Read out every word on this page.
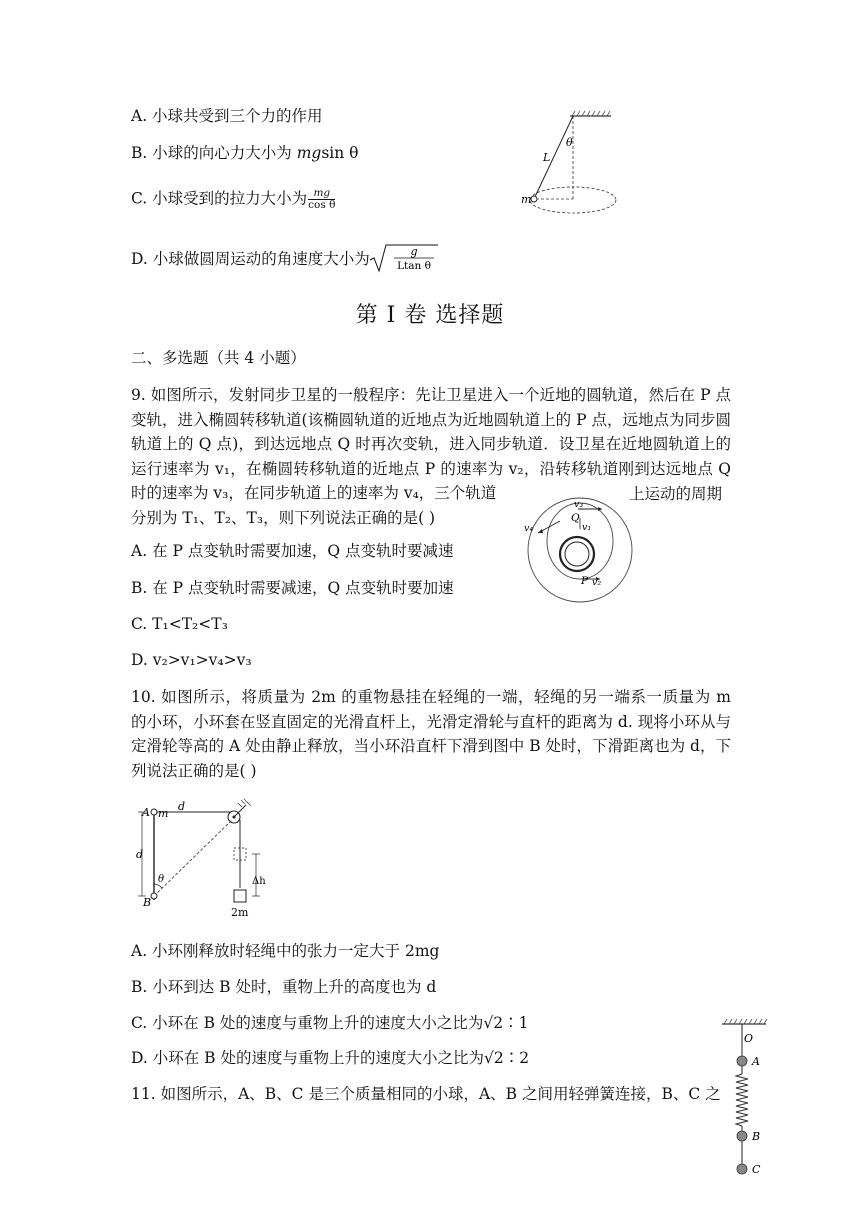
A. 小球共受到三个力的作用
B. 小球的向心力大小为 mgsin θ
C. 小球受到的拉力大小为 $\frac{mg}{\text{cos θ}}$
D. 小球做圆周运动的角速度大小为	g
Ltan θ
θ
L
m
第 I 卷 选择题
二、多选题（共 4 小题）
9. 如图所示，发射同步卫星的一般程序：先让卫星进入一个近地的圆轨道，然后在 P 点变轨，进入椭圆转移轨道(该椭圆轨道的近地点为近地圆轨道上的 P 点，远地点为同步圆轨道上的 Q 点)，到达远地点 Q 时再次变轨，进入同步轨道．设卫星在近地圆轨道上的运行速率为 v₁，在椭圆转移轨道的近地点 P 的速率为 v₂，沿转移轨道刚到达远地点 Q 时的速率为 v₃，在同步轨道上的速率为 v₄，三个轨道	上运动的周期
分别为 T₁、T₂、T₃，则下列说法正确的是( )
A. 在 P 点变轨时需要加速，Q 点变轨时要减速
B. 在 P 点变轨时需要减速，Q 点变轨时要加速
C. T₁<T₂<T₃
D. v₂>v₁>v₄>v₃
v₃
Q
v₁
v₄
P v₂
10. 如图所示，将质量为 2m 的重物悬挂在轻绳的一端，轻绳的另一端系一质量为 m 的小环，小环套在竖直固定的光滑直杆上，光滑定滑轮与直杆的距离为 d. 现将小环从与定滑轮等高的 A 处由静止释放，当小环沿直杆下滑到图中 B 处时，下滑距离也为 d，下列说法正确的是( )
A m
d
d
θ
B
Δh
2m
A. 小环刚释放时轻绳中的张力一定大于 2mg
B. 小环到达 B 处时，重物上升的高度也为 d
C. 小环在 B 处的速度与重物上升的速度大小之比为√2∶1
D. 小环在 B 处的速度与重物上升的速度大小之比为√2∶2
11. 如图所示，A、B、C 是三个质量相同的小球，A、B 之间用轻弹簧连接，B、C 之
O
A
B
C
